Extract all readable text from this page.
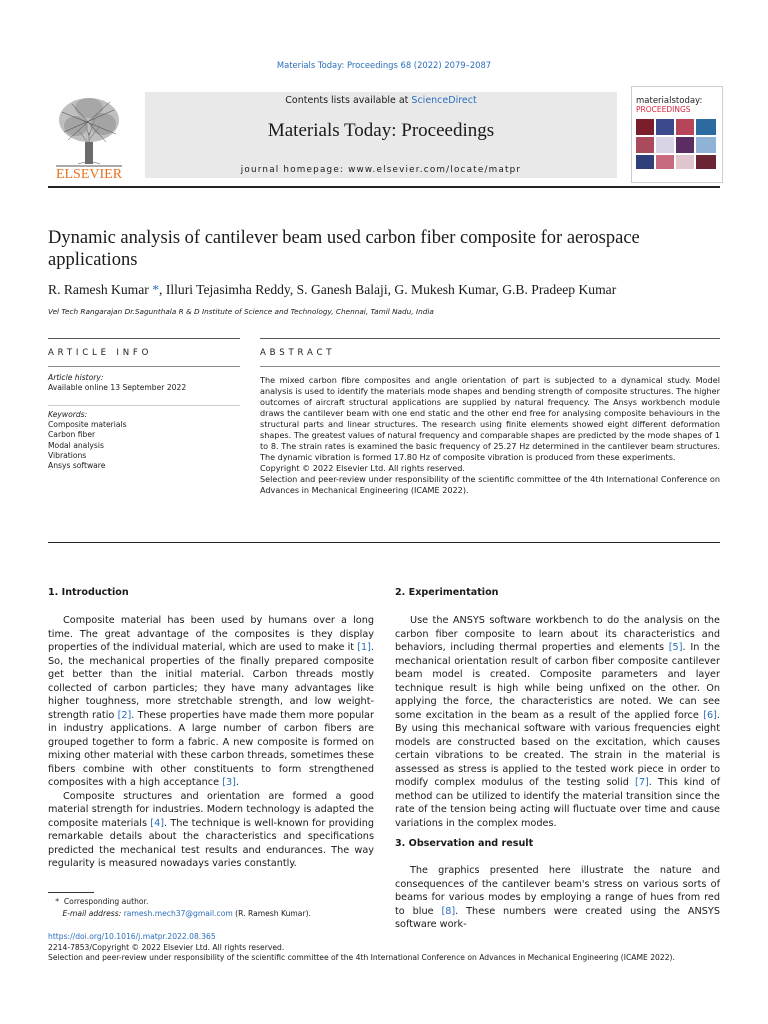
Materials Today: Proceedings 68 (2022) 2079–2087
ELSEVIER
Contents lists available at ScienceDirect
Materials Today: Proceedings
journal homepage: www.elsevier.com/locate/matpr
materialstoday:
PROCEEDINGS
Dynamic analysis of cantilever beam used carbon fiber composite for aerospace applications
R. Ramesh Kumar *, Illuri Tejasimha Reddy, S. Ganesh Balaji, G. Mukesh Kumar, G.B. Pradeep Kumar
Vel Tech Rangarajan Dr.Sagunthala R & D Institute of Science and Technology, Chennai, Tamil Nadu, India
ARTICLE INFO	ABSTRACT
Article history:
Available online 13 September 2022
Keywords:
Composite materials
Carbon fiber
Modal analysis
Vibrations
Ansys software

The mixed carbon fibre composites and angle orientation of part is subjected to a dynamical study. Model analysis is used to identify the materials mode shapes and bending strength of composite structures. The higher outcomes of aircraft structural applications are supplied by natural frequency. The Ansys workbench module draws the cantilever beam with one end static and the other end free for analysing composite behaviours in the structural parts and linear structures. The research using finite elements showed eight different deformation shapes. The greatest values of natural frequency and comparable shapes are predicted by the mode shapes of 1 to 8. The strain rates is examined the basic frequency of 25.27 Hz determined in the cantilever beam structures. The dynamic vibration is formed 17.80 Hz of composite vibration is produced from these experiments.

Copyright © 2022 Elsevier Ltd. All rights reserved.

Selection and peer-review under responsibility of the scientific committee of the 4th International Conference on Advances in Mechanical Engineering (ICAME 2022).

1. Introduction

Composite material has been used by humans over a long time. The great advantage of the composites is they display properties of the individual material, which are used to make it [1]. So, the mechanical properties of the finally prepared composite get better than the initial material. Carbon threads mostly collected of carbon particles; they have many advantages like higher toughness, more stretchable strength, and low weight-strength ratio [2]. These properties have made them more popular in industry applications. A large number of carbon fibers are grouped together to form a fabric. A new composite is formed on mixing other material with these carbon threads, sometimes these fibers combine with other constituents to form strengthened composites with a high acceptance [3].

Composite structures and orientation are formed a good material strength for industries. Modern technology is adapted the composite materials [4]. The technique is well-known for providing remarkable details about the characteristics and specifications predicted the mechanical test results and endurances. The way regularity is measured nowadays varies constantly.

2. Experimentation

Use the ANSYS software workbench to do the analysis on the carbon fiber composite to learn about its characteristics and behaviors, including thermal properties and elements [5]. In the mechanical orientation result of carbon fiber composite cantilever beam model is created. Composite parameters and layer technique result is high while being unfixed on the other. On applying the force, the characteristics are noted. We can see some excitation in the beam as a result of the applied force [6]. By using this mechanical software with various frequencies eight models are constructed based on the excitation, which causes certain vibrations to be created. The strain in the material is assessed as stress is applied to the tested work piece in order to modify complex modulus of the testing solid [7]. This kind of method can be utilized to identify the material transition since the rate of the tension being acting will fluctuate over time and cause variations in the complex modes.

3. Observation and result

The graphics presented here illustrate the nature and consequences of the cantilever beam's stress on various sorts of beams for various modes by employing a range of hues from red to blue [8]. These numbers were created using the ANSYS software work-

* Corresponding author.
E-mail address: ramesh.mech37@gmail.com (R. Ramesh Kumar).
https://doi.org/10.1016/j.matpr.2022.08.365
2214-7853/Copyright © 2022 Elsevier Ltd. All rights reserved.
Selection and peer-review under responsibility of the scientific committee of the 4th International Conference on Advances in Mechanical Engineering (ICAME 2022).
